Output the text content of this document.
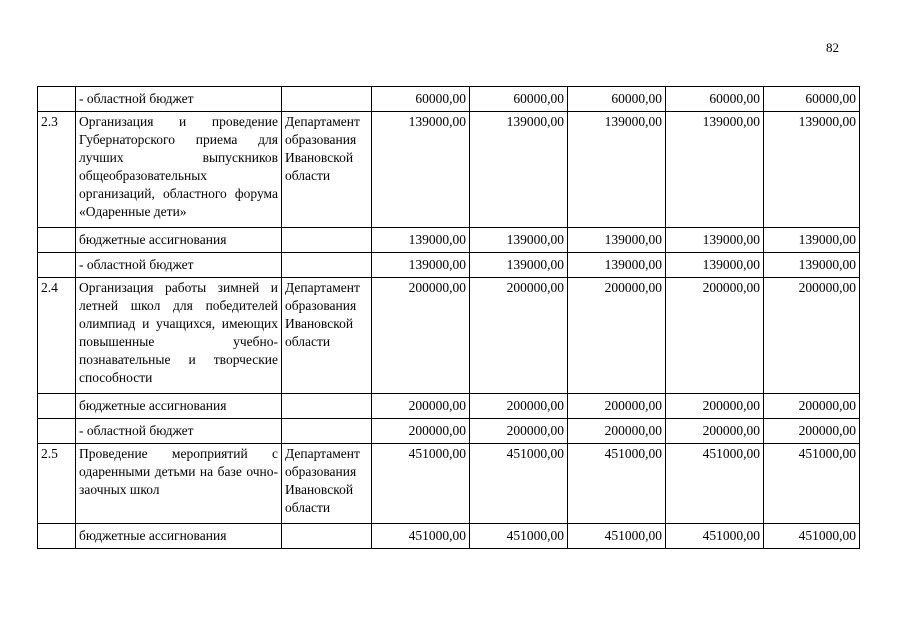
82
	- областной бюджет		60000,00	60000,00	60000,00	60000,00	60000,00
2.3	Организация и проведение Губернаторского приема для лучших выпускников общеобразовательных организаций, областного форума «Одаренные дети»	Департамент образования Ивановской области	139000,00	139000,00	139000,00	139000,00	139000,00
	бюджетные ассигнования		139000,00	139000,00	139000,00	139000,00	139000,00
	- областной бюджет		139000,00	139000,00	139000,00	139000,00	139000,00
2.4	Организация работы зимней и летней школ для победителей олимпиад и учащихся, имеющих повышенные учебно-познавательные и творческие способности	Департамент образования Ивановской области	200000,00	200000,00	200000,00	200000,00	200000,00
	бюджетные ассигнования		200000,00	200000,00	200000,00	200000,00	200000,00
	- областной бюджет		200000,00	200000,00	200000,00	200000,00	200000,00
2.5	Проведение мероприятий с одаренными детьми на базе очно-заочных школ	Департамент образования Ивановской области	451000,00	451000,00	451000,00	451000,00	451000,00
	бюджетные ассигнования		451000,00	451000,00	451000,00	451000,00	451000,00
